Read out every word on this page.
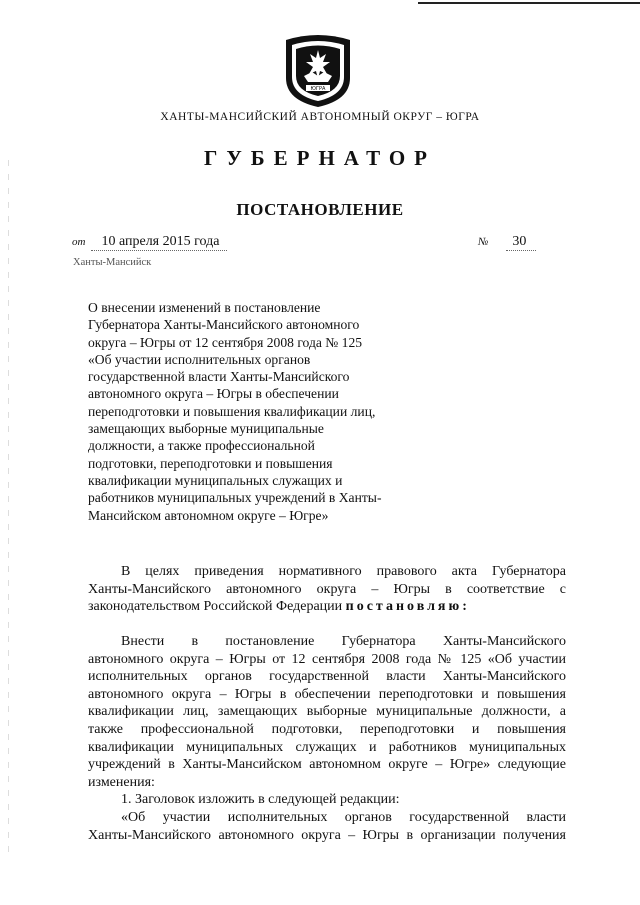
ЮГРА
ХАНТЫ-МАНСИЙСКИЙ АВТОНОМНЫЙ ОКРУГ – ЮГРА
ГУБЕРНАТОР
ПОСТАНОВЛЕНИЕ
от 10 апреля 2015 года	№ 30
Ханты-Мансийск
О внесении изменений в постановление
Губернатора Ханты-Мансийского автономного
округа – Югры от 12 сентября 2008 года № 125
«Об участии исполнительных органов
государственной власти Ханты-Мансийского
автономного округа – Югры в обеспечении
переподготовки и повышения квалификации лиц,
замещающих выборные муниципальные
должности, а также профессиональной
подготовки, переподготовки и повышения
квалификации муниципальных служащих и
работников муниципальных учреждений в Ханты-
Мансийском автономном округе – Югре»
В целях приведения нормативного правового акта Губернатора
Ханты-Мансийского автономного округа – Югры в соответствие с
законодательством Российской Федерации постановляю:
Внести в постановление Губернатора Ханты-Мансийского
автономного округа – Югры от 12 сентября 2008 года № 125 «Об участии
исполнительных органов государственной власти Ханты-Мансийского
автономного округа – Югры в обеспечении переподготовки и повышения
квалификации лиц, замещающих выборные муниципальные должности, а
также профессиональной подготовки, переподготовки и повышения
квалификации муниципальных служащих и работников муниципальных
учреждений в Ханты-Мансийском автономном округе – Югре» следующие
изменения:
1. Заголовок изложить в следующей редакции:
«Об участии исполнительных органов государственной власти
Ханты-Мансийского автономного округа – Югры в организации получения
